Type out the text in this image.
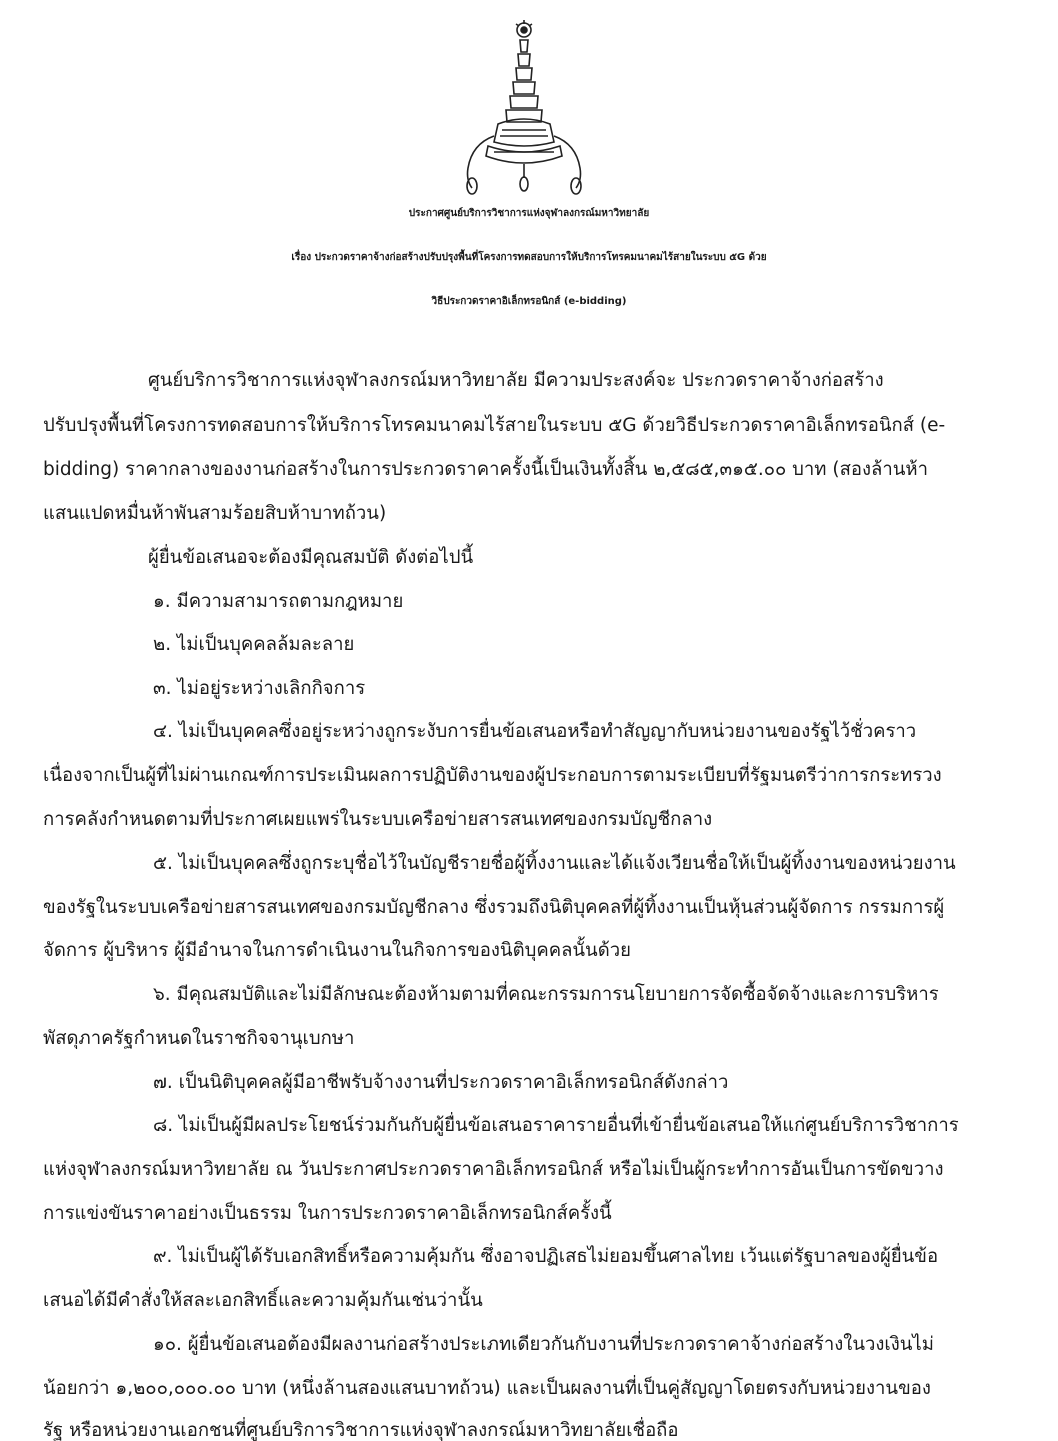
ประกาศศูนย์บริการวิชาการแห่งจุฬาลงกรณ์มหาวิทยาลัย
เรื่อง ประกวดราคาจ้างก่อสร้างปรับปรุงพื้นที่โครงการทดสอบการให้บริการโทรคมนาคมไร้สายในระบบ ๕G ด้วย
วิธีประกวดราคาอิเล็กทรอนิกส์ (e-bidding)
ศูนย์บริการวิชาการแห่งจุฬาลงกรณ์มหาวิทยาลัย มีความประสงค์จะ ประกวดราคาจ้างก่อสร้าง
ปรับปรุงพื้นที่โครงการทดสอบการให้บริการโทรคมนาคมไร้สายในระบบ ๕G ด้วยวิธีประกวดราคาอิเล็กทรอนิกส์ (e-
bidding) ราคากลางของงานก่อสร้างในการประกวดราคาครั้งนี้เป็นเงินทั้งสิ้น ๒,๕๘๕,๓๑๕.๐๐ บาท (สองล้านห้า
แสนแปดหมื่นห้าพันสามร้อยสิบห้าบาทถ้วน)
ผู้ยื่นข้อเสนอจะต้องมีคุณสมบัติ ดังต่อไปนี้
๑. มีความสามารถตามกฎหมาย
๒. ไม่เป็นบุคคลล้มละลาย
๓. ไม่อยู่ระหว่างเลิกกิจการ
๔. ไม่เป็นบุคคลซึ่งอยู่ระหว่างถูกระงับการยื่นข้อเสนอหรือทำสัญญากับหน่วยงานของรัฐไว้ชั่วคราว
เนื่องจากเป็นผู้ที่ไม่ผ่านเกณฑ์การประเมินผลการปฏิบัติงานของผู้ประกอบการตามระเบียบที่รัฐมนตรีว่าการกระทรวง
การคลังกำหนดตามที่ประกาศเผยแพร่ในระบบเครือข่ายสารสนเทศของกรมบัญชีกลาง
๕. ไม่เป็นบุคคลซึ่งถูกระบุชื่อไว้ในบัญชีรายชื่อผู้ทิ้งงานและได้แจ้งเวียนชื่อให้เป็นผู้ทิ้งงานของหน่วยงาน
ของรัฐในระบบเครือข่ายสารสนเทศของกรมบัญชีกลาง ซึ่งรวมถึงนิติบุคคลที่ผู้ทิ้งงานเป็นหุ้นส่วนผู้จัดการ กรรมการผู้
จัดการ ผู้บริหาร ผู้มีอำนาจในการดำเนินงานในกิจการของนิติบุคคลนั้นด้วย
๖. มีคุณสมบัติและไม่มีลักษณะต้องห้ามตามที่คณะกรรมการนโยบายการจัดซื้อจัดจ้างและการบริหาร
พัสดุภาครัฐกำหนดในราชกิจจานุเบกษา
๗. เป็นนิติบุคคลผู้มีอาชีพรับจ้างงานที่ประกวดราคาอิเล็กทรอนิกส์ดังกล่าว
๘. ไม่เป็นผู้มีผลประโยชน์ร่วมกันกับผู้ยื่นข้อเสนอราคารายอื่นที่เข้ายื่นข้อเสนอให้แก่ศูนย์บริการวิชาการ
แห่งจุฬาลงกรณ์มหาวิทยาลัย ณ วันประกาศประกวดราคาอิเล็กทรอนิกส์ หรือไม่เป็นผู้กระทำการอันเป็นการขัดขวาง
การแข่งขันราคาอย่างเป็นธรรม ในการประกวดราคาอิเล็กทรอนิกส์ครั้งนี้
๙. ไม่เป็นผู้ได้รับเอกสิทธิ์หรือความคุ้มกัน ซึ่งอาจปฏิเสธไม่ยอมขึ้นศาลไทย เว้นแต่รัฐบาลของผู้ยื่นข้อ
เสนอได้มีคำสั่งให้สละเอกสิทธิ์และความคุ้มกันเช่นว่านั้น
๑๐. ผู้ยื่นข้อเสนอต้องมีผลงานก่อสร้างประเภทเดียวกันกับงานที่ประกวดราคาจ้างก่อสร้างในวงเงินไม่
น้อยกว่า ๑,๒๐๐,๐๐๐.๐๐ บาท (หนึ่งล้านสองแสนบาทถ้วน) และเป็นผลงานที่เป็นคู่สัญญาโดยตรงกับหน่วยงานของ
รัฐ หรือหน่วยงานเอกชนที่ศูนย์บริการวิชาการแห่งจุฬาลงกรณ์มหาวิทยาลัยเชื่อถือ
